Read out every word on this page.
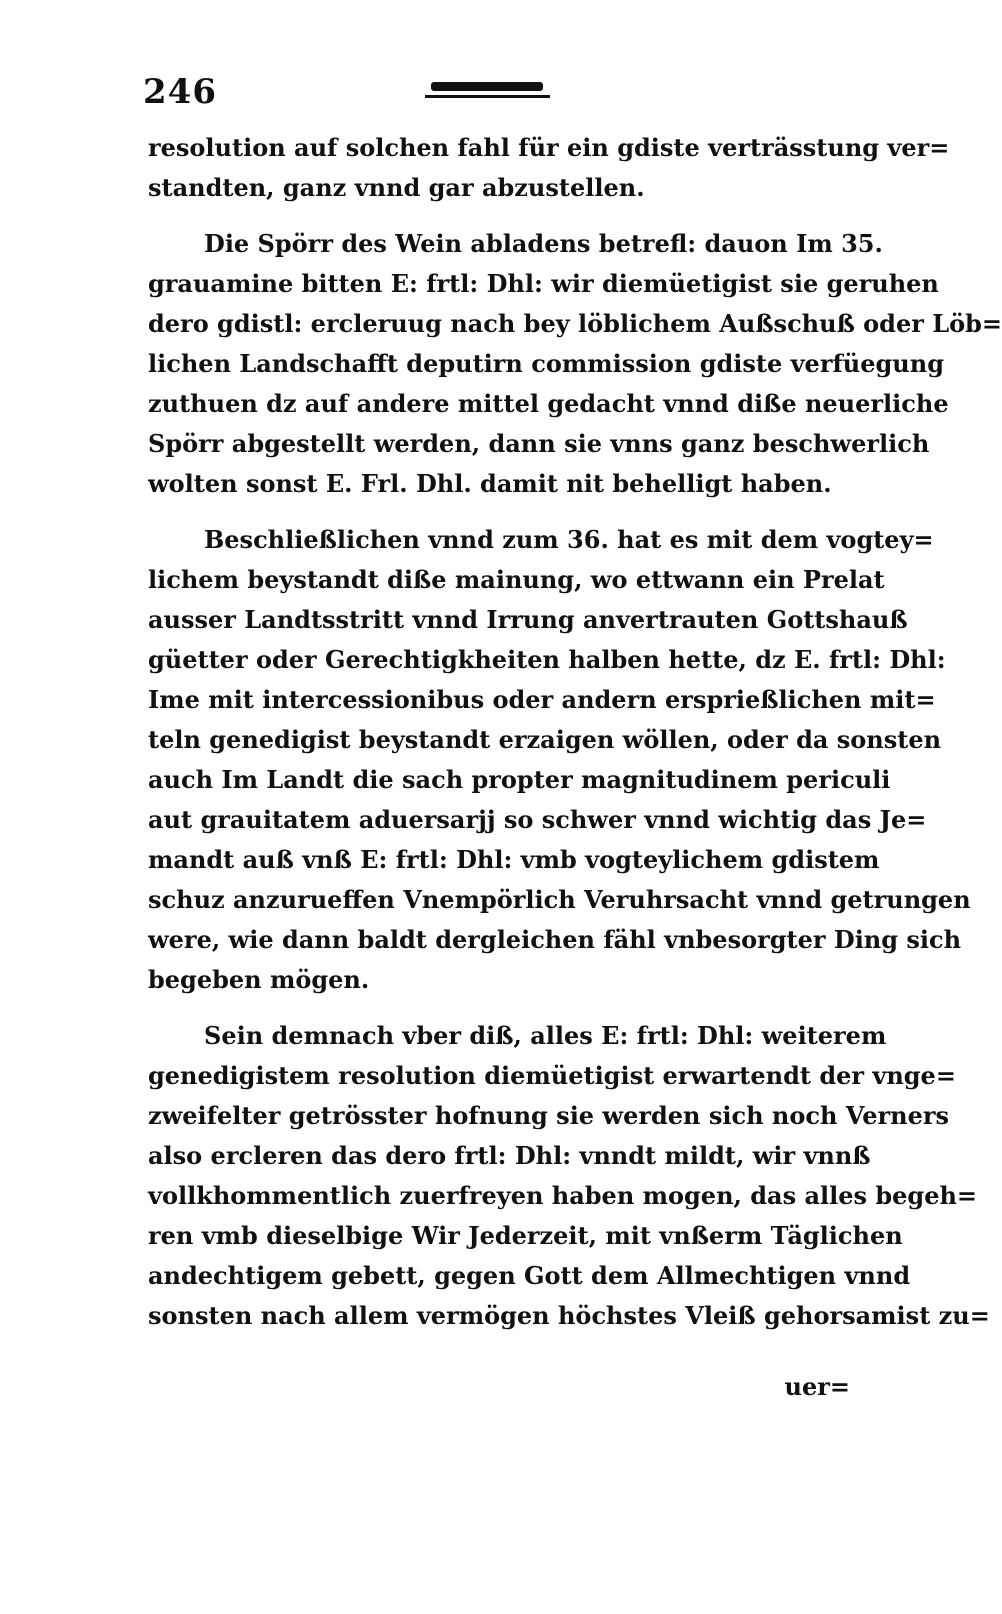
246
resolution auf solchen fahl für ein gdiste verträsstung ver=
standten, ganz vnnd gar abzustellen.
Die Spörr des Wein abladens betrefl: dauon Im 35.
grauamine bitten E: frtl: Dhl: wir diemüetigist sie geruhen
dero gdistl: ercleruug nach bey löblichem Außschuß oder Löb=
lichen Landschafft deputirn commission gdiste verfüegung
zuthuen dz auf andere mittel gedacht vnnd diße neuerliche
Spörr abgestellt werden, dann sie vnns ganz beschwerlich
wolten sonst E. Frl. Dhl. damit nit behelligt haben.
Beschließlichen vnnd zum 36. hat es mit dem vogtey=
lichem beystandt diße mainung, wo ettwann ein Prelat
ausser Landtsstritt vnnd Irrung anvertrauten Gottshauß
güetter oder Gerechtigkheiten halben hette, dz E. frtl: Dhl:
Ime mit intercessionibus oder andern ersprießlichen mit=
teln genedigist beystandt erzaigen wöllen, oder da sonsten
auch Im Landt die sach propter magnitudinem periculi
aut grauitatem aduersarjj so schwer vnnd wichtig das Je=
mandt auß vnß E: frtl: Dhl: vmb vogteylichem gdistem
schuz anzurueffen Vnempörlich Veruhrsacht vnnd getrungen
were, wie dann baldt dergleichen fähl vnbesorgter Ding sich
begeben mögen.
Sein demnach vber diß, alles E: frtl: Dhl: weiterem
genedigistem resolution diemüetigist erwartendt der vnge=
zweifelter getrösster hofnung sie werden sich noch Verners
also ercleren das dero frtl: Dhl: vnndt mildt, wir vnnß
vollkhommentlich zuerfreyen haben mogen, das alles begeh=
ren vmb dieselbige Wir Jederzeit, mit vnßerm Täglichen
andechtigem gebett, gegen Gott dem Allmechtigen vnnd
sonsten nach allem vermögen höchstes Vleiß gehorsamist zu=
uer=
